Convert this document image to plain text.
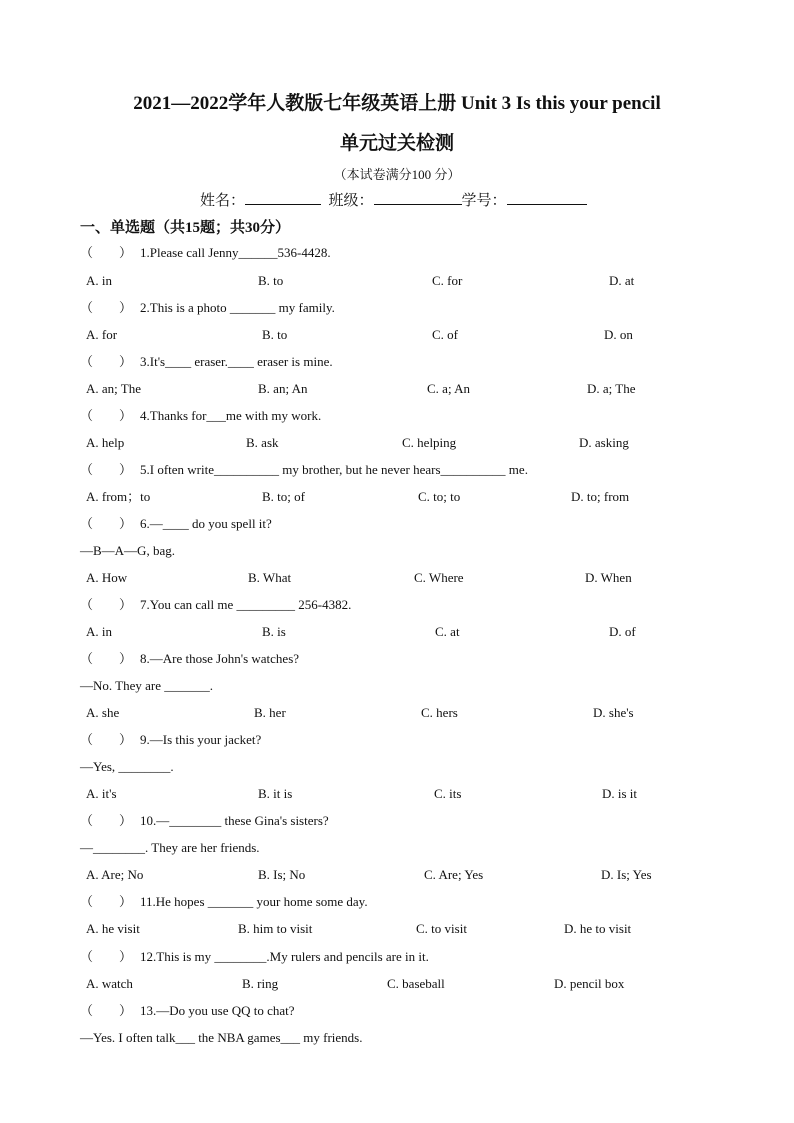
2021—2022学年人教版七年级英语上册 Unit 3 Is this your pencil
单元过关检测
（本试卷满分100 分）
姓名：	班级：	学号：
一、单选题（共15题；共30分）
（　　） 1.Please call Jenny______536-4428.
A. in	B. to	C. for	D. at
（　　） 2.This is a photo _______ my family.
A. for	B. to	C. of	D. on
（　　） 3.It's____ eraser.____ eraser is mine.
A. an; The	B. an; An	C. a; An	D. a; The
（　　） 4.Thanks for___me with my work.
A. help	B. ask	C. helping	D. asking
（　　） 5.I often write__________ my brother, but he never hears__________ me.
A. from；to	B. to; of	C. to; to	D. to; from
（　　） 6.—____ do you spell it?
—B—A—G, bag.
A. How	B. What	C. Where	D. When
（　　） 7.You can call me _________ 256-4382.
A. in	B. is	C. at	D. of
（　　） 8.—Are those John's watches?
—No. They are _______.
A. she	B. her	C. hers	D. she's
（　　） 9.—Is this your jacket?
—Yes, ________.
A. it's	B. it is	C. its	D. is it
（　　） 10.—________ these Gina's sisters?
—________. They are her friends.
A. Are; No	B. Is; No	C. Are; Yes	D. Is; Yes
（　　） 11.He hopes _______ your home some day.
A. he visit	B. him to visit	C. to visit	D. he to visit
（　　） 12.This is my ________.My rulers and pencils are in it.
A. watch	B. ring	C. baseball	D. pencil box
（　　） 13.—Do you use QQ to chat?
—Yes. I often talk___ the NBA games___ my friends.
